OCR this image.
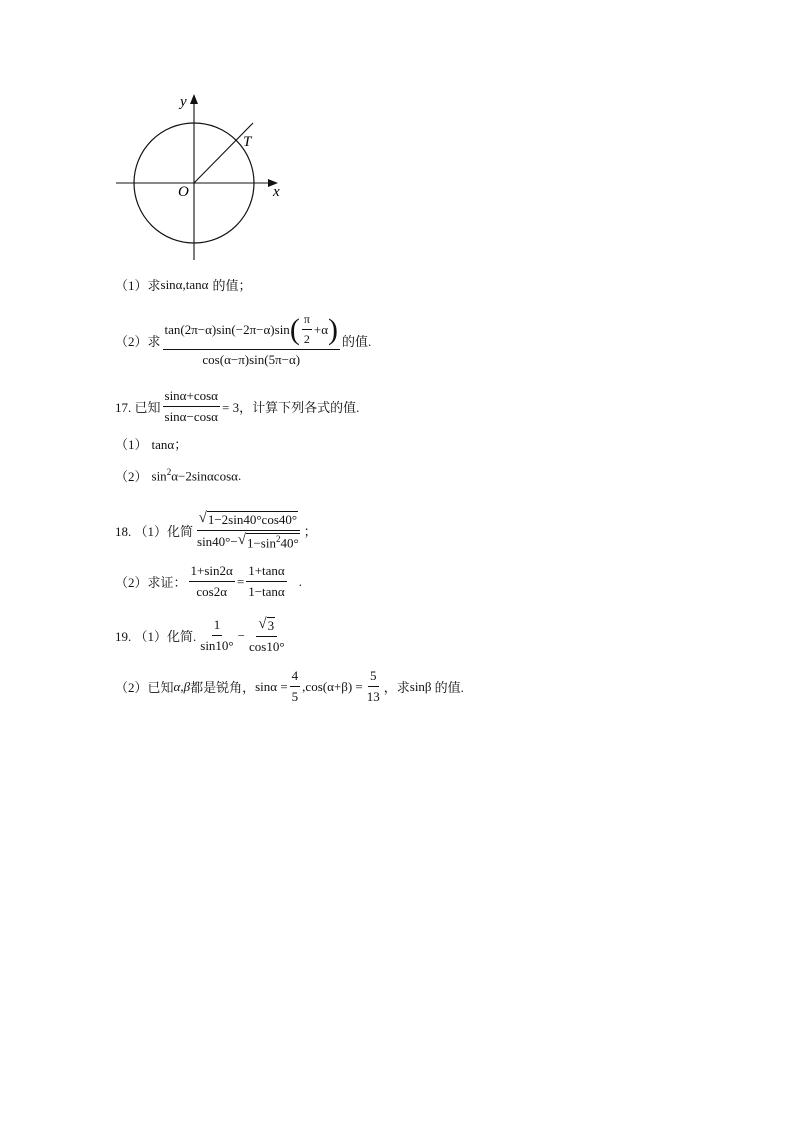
y
x
O
T
（1）求 sinα,tanα 的值；
（2）求
tan(2π−α)sin(−2π−α)sin ( $\frac{\pi}{2} +\alpha$ )
cos(α−π)sin(5π−α)
的值.
17. 已知 $\frac{\sin\alpha+\cos\alpha}{\sin\alpha-\cos\alpha} = 3$，计算下列各式的值.
（1） tanα；
（2） $\sin^2\alpha-2\sin\alpha\cos\alpha$ .
18. （1）化简 $\frac{√ 1-2\sin 40^\circ\cos 40^\circ}{\sin 40^\circ- √ 1-\sin^240^\circ}$ ；
（2）求证： $\frac{1+\sin 2\alpha}{\cos 2\alpha} = \frac{1+\tan\alpha}{1-\tan\alpha}$ .
19. （1）化简. $\frac{1}{\sin 10^\circ} - \frac{√ 3}{\cos 10^\circ}$
（2）已知 α,β 都是锐角， $\sin\alpha = \frac{4}{5} ,\cos(\alpha+\beta) = \frac{5}{13}$ ，求 sinβ 的值.
